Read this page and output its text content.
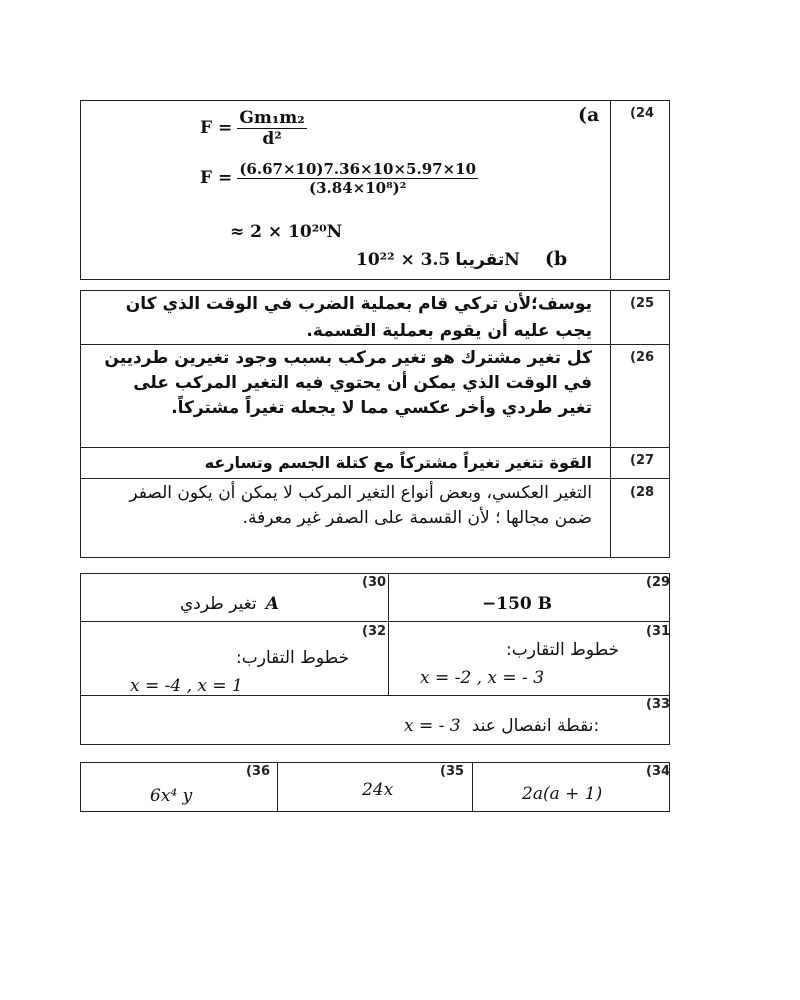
(24
(a
$F = \frac{\text{Gm₁m₂}}{\text{d²}}$
$F = \frac{(6.67\times 10)7.36\times 10\times 5.97\times 10}{\text{(3.84×10⁸)²}}$
≈ 2 × 10²⁰N
تقريبا 3.5 × 10²²N (b
(25
يوسف؛لأن تركي قام بعملية الضرب في الوقت الذي كان يجب عليه أن يقوم بعملية القسمة.
(26
كل تغير مشترك هو تغير مركب بسبب وجود تغيرين طرديين في الوقت الذي يمكن أن يحتوي فيه التغير المركب على تغير طردي وأخر عكسي مما لا يجعله تغيراً مشتركاً.
(27
القوة تتغير تغيراً مشتركاً مع كتلة الجسم وتسارعه
(28
التغير العكسي، وبعض أنواع التغير المركب لا يمكن أن يكون الصفر ضمن مجالها ؛ لأن القسمة على الصفر غير معرفة.
(29
−150 B
(30
تغير طردي A
(31
خطوط التقارب:
x = -2 , x = - 3
(32
خطوط التقارب:
x = -4 , x = 1
(33
x = - 3 نقطة انفصال عند:
(34
2a(a + 1)
(35
24x
(36
6x⁴ y
